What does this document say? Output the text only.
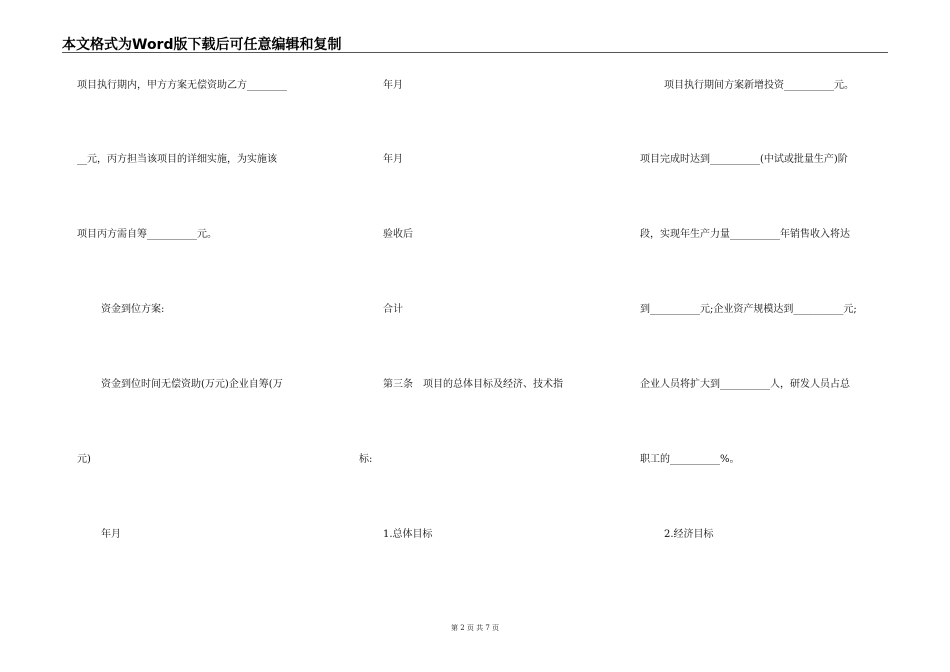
本文格式为Word版下载后可任意编辑和复制
项目执行期内，甲方方案无偿资助乙方________
__元，丙方担当该项目的详细实施，为实施该
项目丙方需自筹__________元。
资金到位方案:
资金到位时间无偿资助(万元)企业自筹(万
元)
年月
年月
年月
验收后
合计
第三条　项目的总体目标及经济、技术指
标:
1.总体目标
项目执行期间方案新增投资__________元。
项目完成时达到__________(中试或批量生产)阶
段，实现年生产力量__________年销售收入将达
到__________元;企业资产规模达到__________元;
企业人员将扩大到__________人，研发人员占总
职工的__________%。
2.经济目标
第 2 页 共 7 页
